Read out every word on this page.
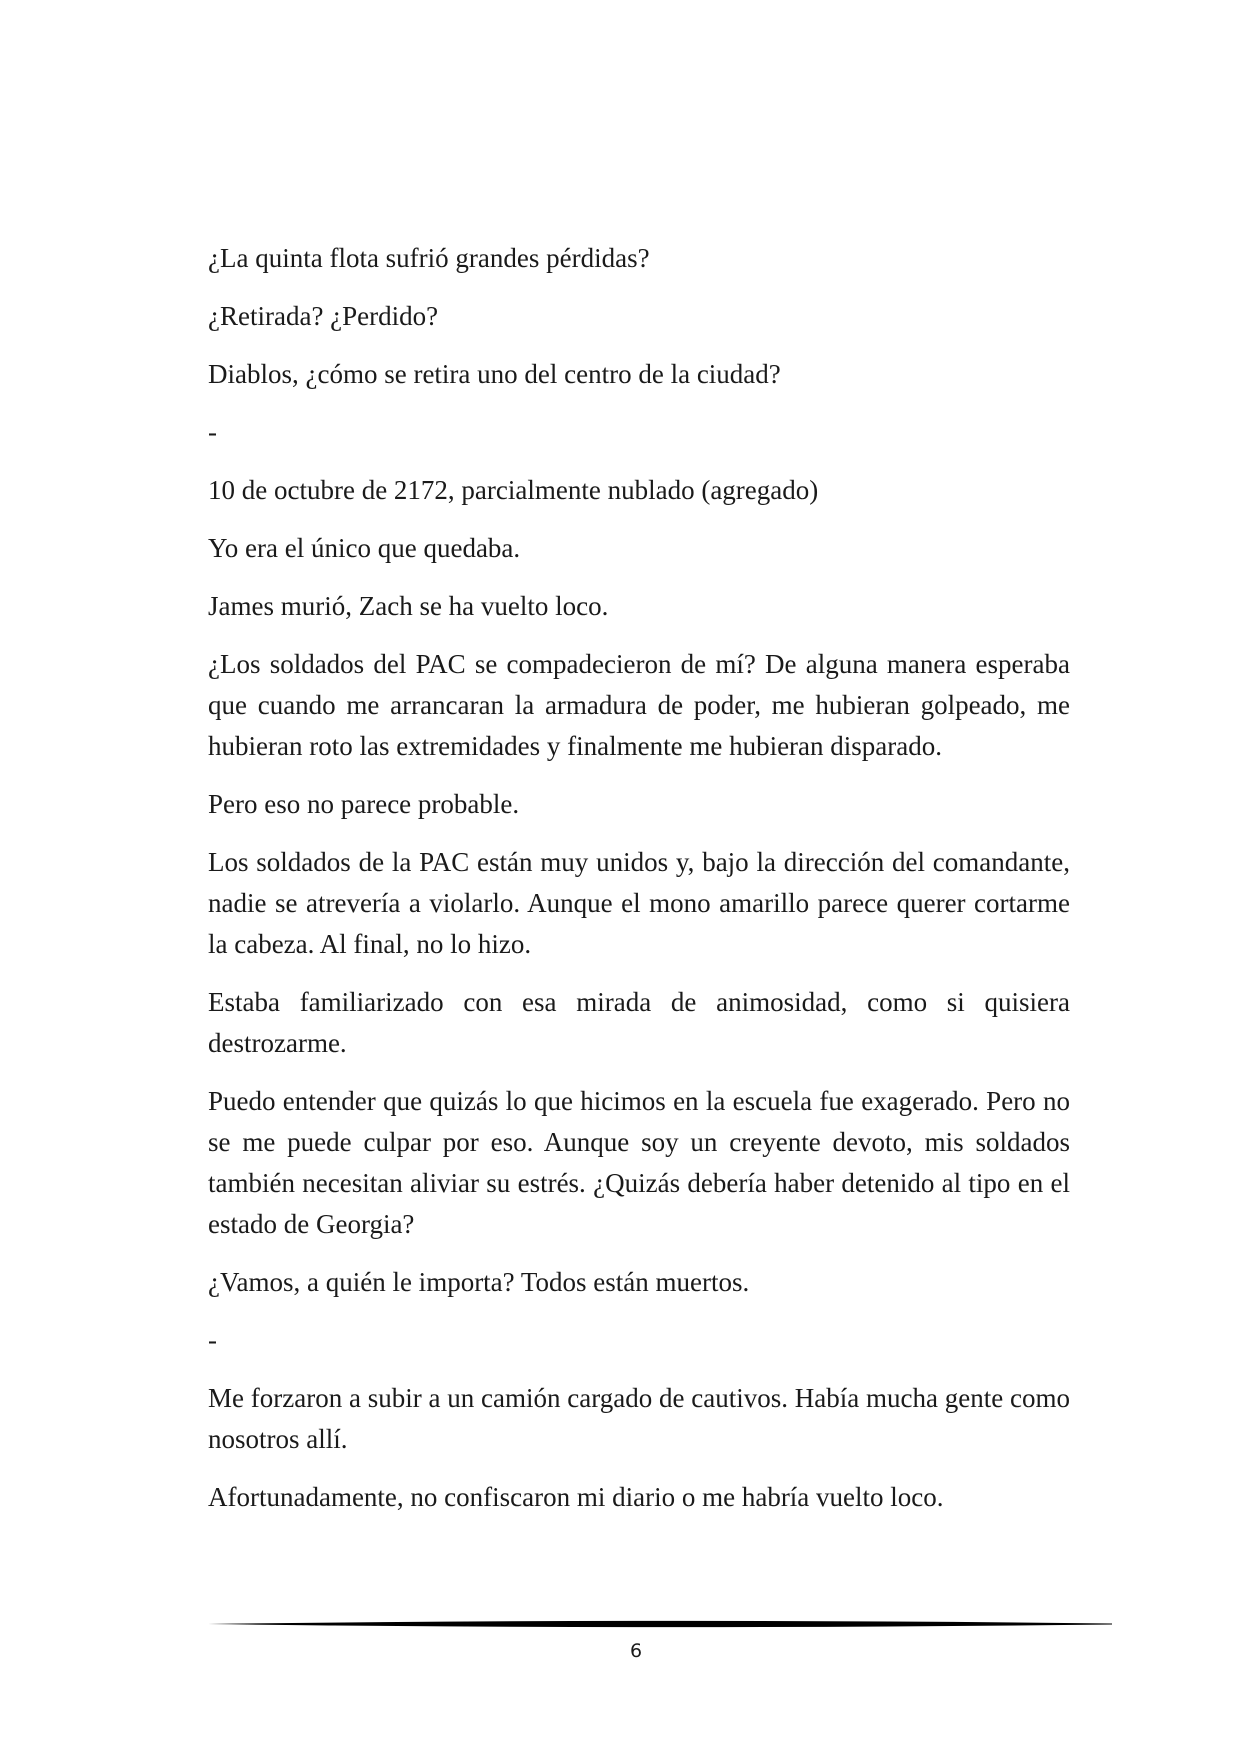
¿La quinta flota sufrió grandes pérdidas?

¿Retirada? ¿Perdido?

Diablos, ¿cómo se retira uno del centro de la ciudad?

-

10 de octubre de 2172, parcialmente nublado (agregado)

Yo era el único que quedaba.

James murió, Zach se ha vuelto loco.

¿Los soldados del PAC se compadecieron de mí? De alguna manera esperaba que cuando me arrancaran la armadura de poder, me hubieran golpeado, me hubieran roto las extremidades y finalmente me hubieran disparado.

Pero eso no parece probable.

Los soldados de la PAC están muy unidos y, bajo la dirección del comandante, nadie se atrevería a violarlo. Aunque el mono amarillo parece querer cortarme la cabeza. Al final, no lo hizo.

Estaba familiarizado con esa mirada de animosidad, como si quisiera destrozarme.

Puedo entender que quizás lo que hicimos en la escuela fue exagerado. Pero no se me puede culpar por eso. Aunque soy un creyente devoto, mis soldados también necesitan aliviar su estrés. ¿Quizás debería haber detenido al tipo en el estado de Georgia?

¿Vamos, a quién le importa? Todos están muertos.

-

Me forzaron a subir a un camión cargado de cautivos. Había mucha gente como nosotros allí.

Afortunadamente, no confiscaron mi diario o me habría vuelto loco.

6
